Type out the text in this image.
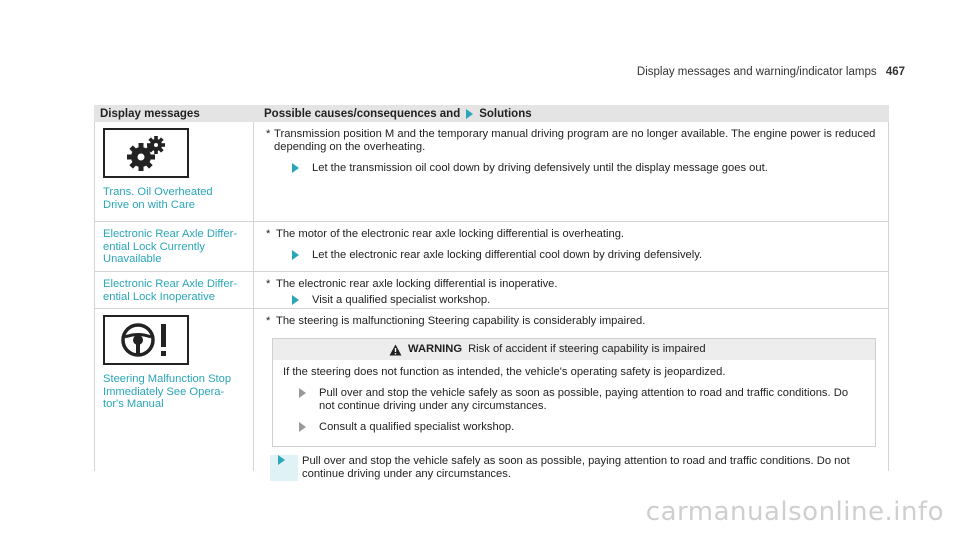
Display messages and warning/indicator lamps 467
Display messages	Possible causes/consequences and Solutions
Trans. Oil Overheated
Drive on with Care
* Transmission position M and the temporary manual driving program are no longer available. The engine power is reduced depending on the overheating.
Let the transmission oil cool down by driving defensively until the display message goes out.
Electronic Rear Axle Differ-
ential Lock Currently
Unavailable
* The motor of the electronic rear axle locking differential is overheating.
Let the electronic rear axle locking differential cool down by driving defensively.
Electronic Rear Axle Differ-
ential Lock Inoperative
* The electronic rear axle locking differential is inoperative.
Visit a qualified specialist workshop.
Steering Malfunction Stop
Immediately See Opera-
tor's Manual
* The steering is malfunctioning Steering capability is considerably impaired.
WARNING Risk of accident if steering capability is impaired
If the steering does not function as intended, the vehicle's operating safety is jeopardized.
Pull over and stop the vehicle safely as soon as possible, paying attention to road and traffic conditions. Do not continue driving under any circumstances.
Consult a qualified specialist workshop.
Pull over and stop the vehicle safely as soon as possible, paying attention to road and traffic conditions. Do not continue driving under any circumstances.
carmanualsonline.info
